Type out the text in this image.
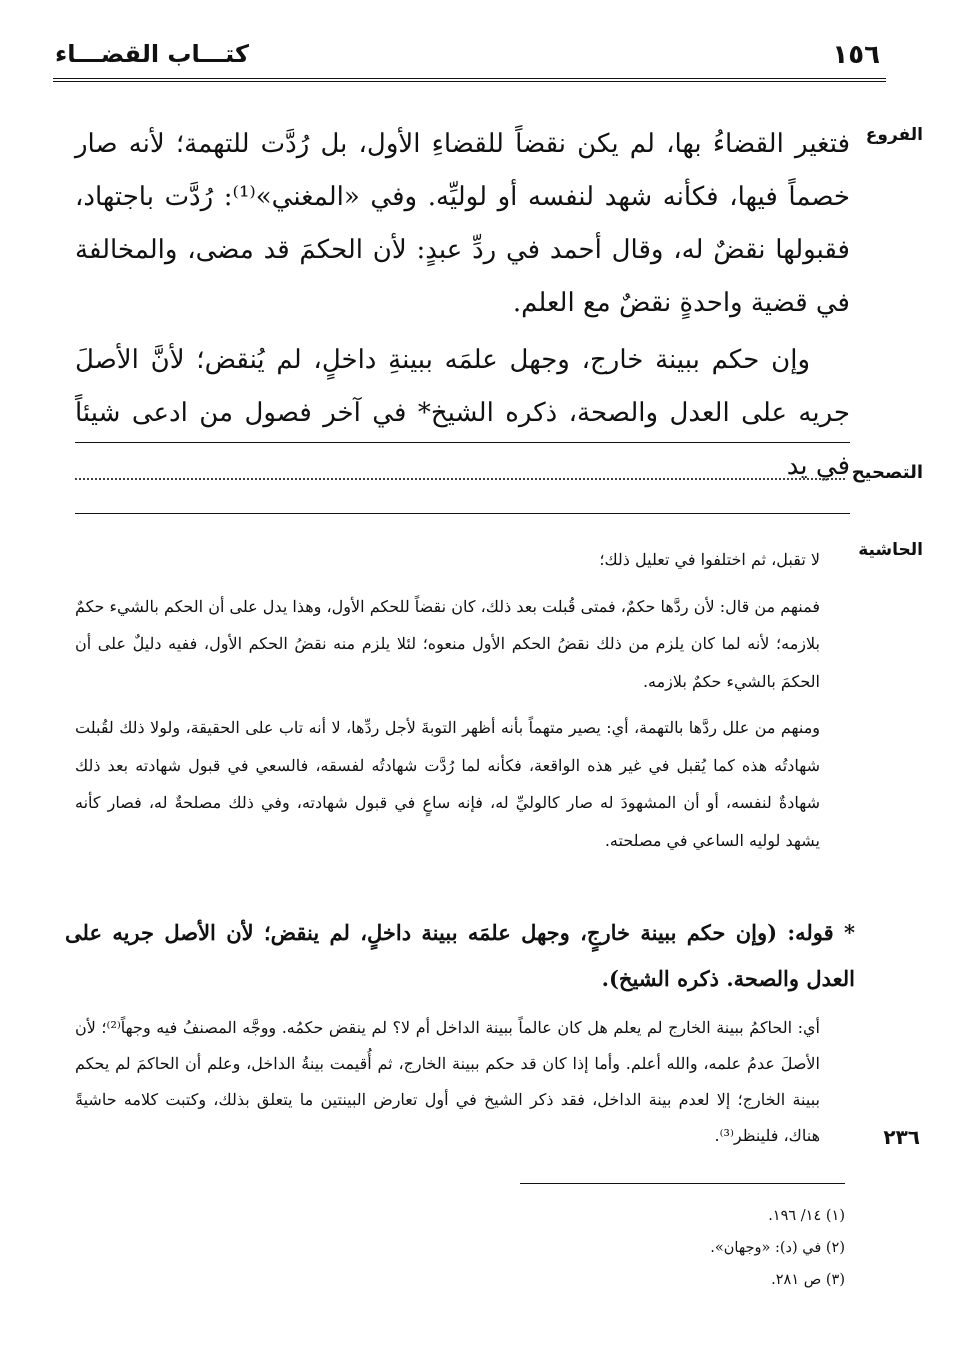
١٥٦
كتـــاب القضـــاء
الفروع

فتغير القضاءُ بها، لم يكن نقضاً للقضاءِ الأول، بل رُدَّت للتهمة؛ لأنه صار خصماً فيها، فكأنه شهد لنفسه أو لوليِّه. وفي «المغني»⁽¹⁾: رُدَّت باجتهاد، فقبولها نقضٌ له، وقال أحمد في ردِّ عبدٍ: لأن الحكمَ قد مضى، والمخالفة في قضية واحدةٍ نقضٌ مع العلم.

وإن حكم ببينة خارج، وجهل علمَه ببينةِ داخلٍ، لم يُنقض؛ لأنَّ الأصلَ جريه على العدل والصحة، ذكره الشيخ* في آخر فصول من ادعى شيئاً في يد التصحيح
الحاشية

لا تقبل، ثم اختلفوا في تعليل ذلك؛

فمنهم من قال: لأن ردَّها حكمٌ، فمتى قُبلت بعد ذلك، كان نقضاً للحكم الأول، وهذا يدل على أن الحكم بالشيء حكمٌ بلازمه؛ لأنه لما كان يلزم من ذلك نقضُ الحكم الأول منعوه؛ لئلا يلزم منه نقضُ الحكم الأول، ففيه دليلٌ على أن الحكمَ بالشيء حكمٌ بلازمه.

ومنهم من علل ردَّها بالتهمة، أي: يصير متهماً بأنه أظهر التوبةَ لأجل ردِّها، لا أنه تاب على الحقيقة، ولولا ذلك لقُبلت شهادتُه هذه كما يُقبل في غير هذه الواقعة، فكأنه لما رُدَّت شهادتُه لفسقه، فالسعي في قبول شهادته بعد ذلك شهادةٌ لنفسه، أو أن المشهودَ له صار كالوليِّ له، فإنه ساعٍ في قبول شهادته، وفي ذلك مصلحةٌ له، فصار كأنه يشهد لوليه الساعي في مصلحته.

* قوله: (وإن حكم ببينة خارجٍ، وجهل علمَه ببينة داخلٍ، لم ينقض؛ لأن الأصل جريه على العدل والصحة. ذكره الشيخ).
أي: الحاكمُ ببينة الخارج لم يعلم هل كان عالماً ببينة الداخل أم لا؟ لم ينقض حكمُه. ووجَّه المصنفُ فيه وجهاً⁽²⁾؛ لأن الأصلَ عدمُ علمه، والله أعلم. وأما إذا كان قد حكم ببينة الخارج، ثم أُقيمت بينةُ الداخل، وعلم أن الحاكمَ لم يحكم ببينة الخارج؛ إلا لعدم بينة الداخل، فقد ذكر الشيخ في أول تعارض البينتين ما يتعلق بذلك، وكتبت كلامه حاشيةً هناك، فلينظر⁽³⁾.	٢٣٦
(١) ١٤/ ١٩٦.
(٢) في (د): «وجهان».
(٣) ص ٢٨١.
